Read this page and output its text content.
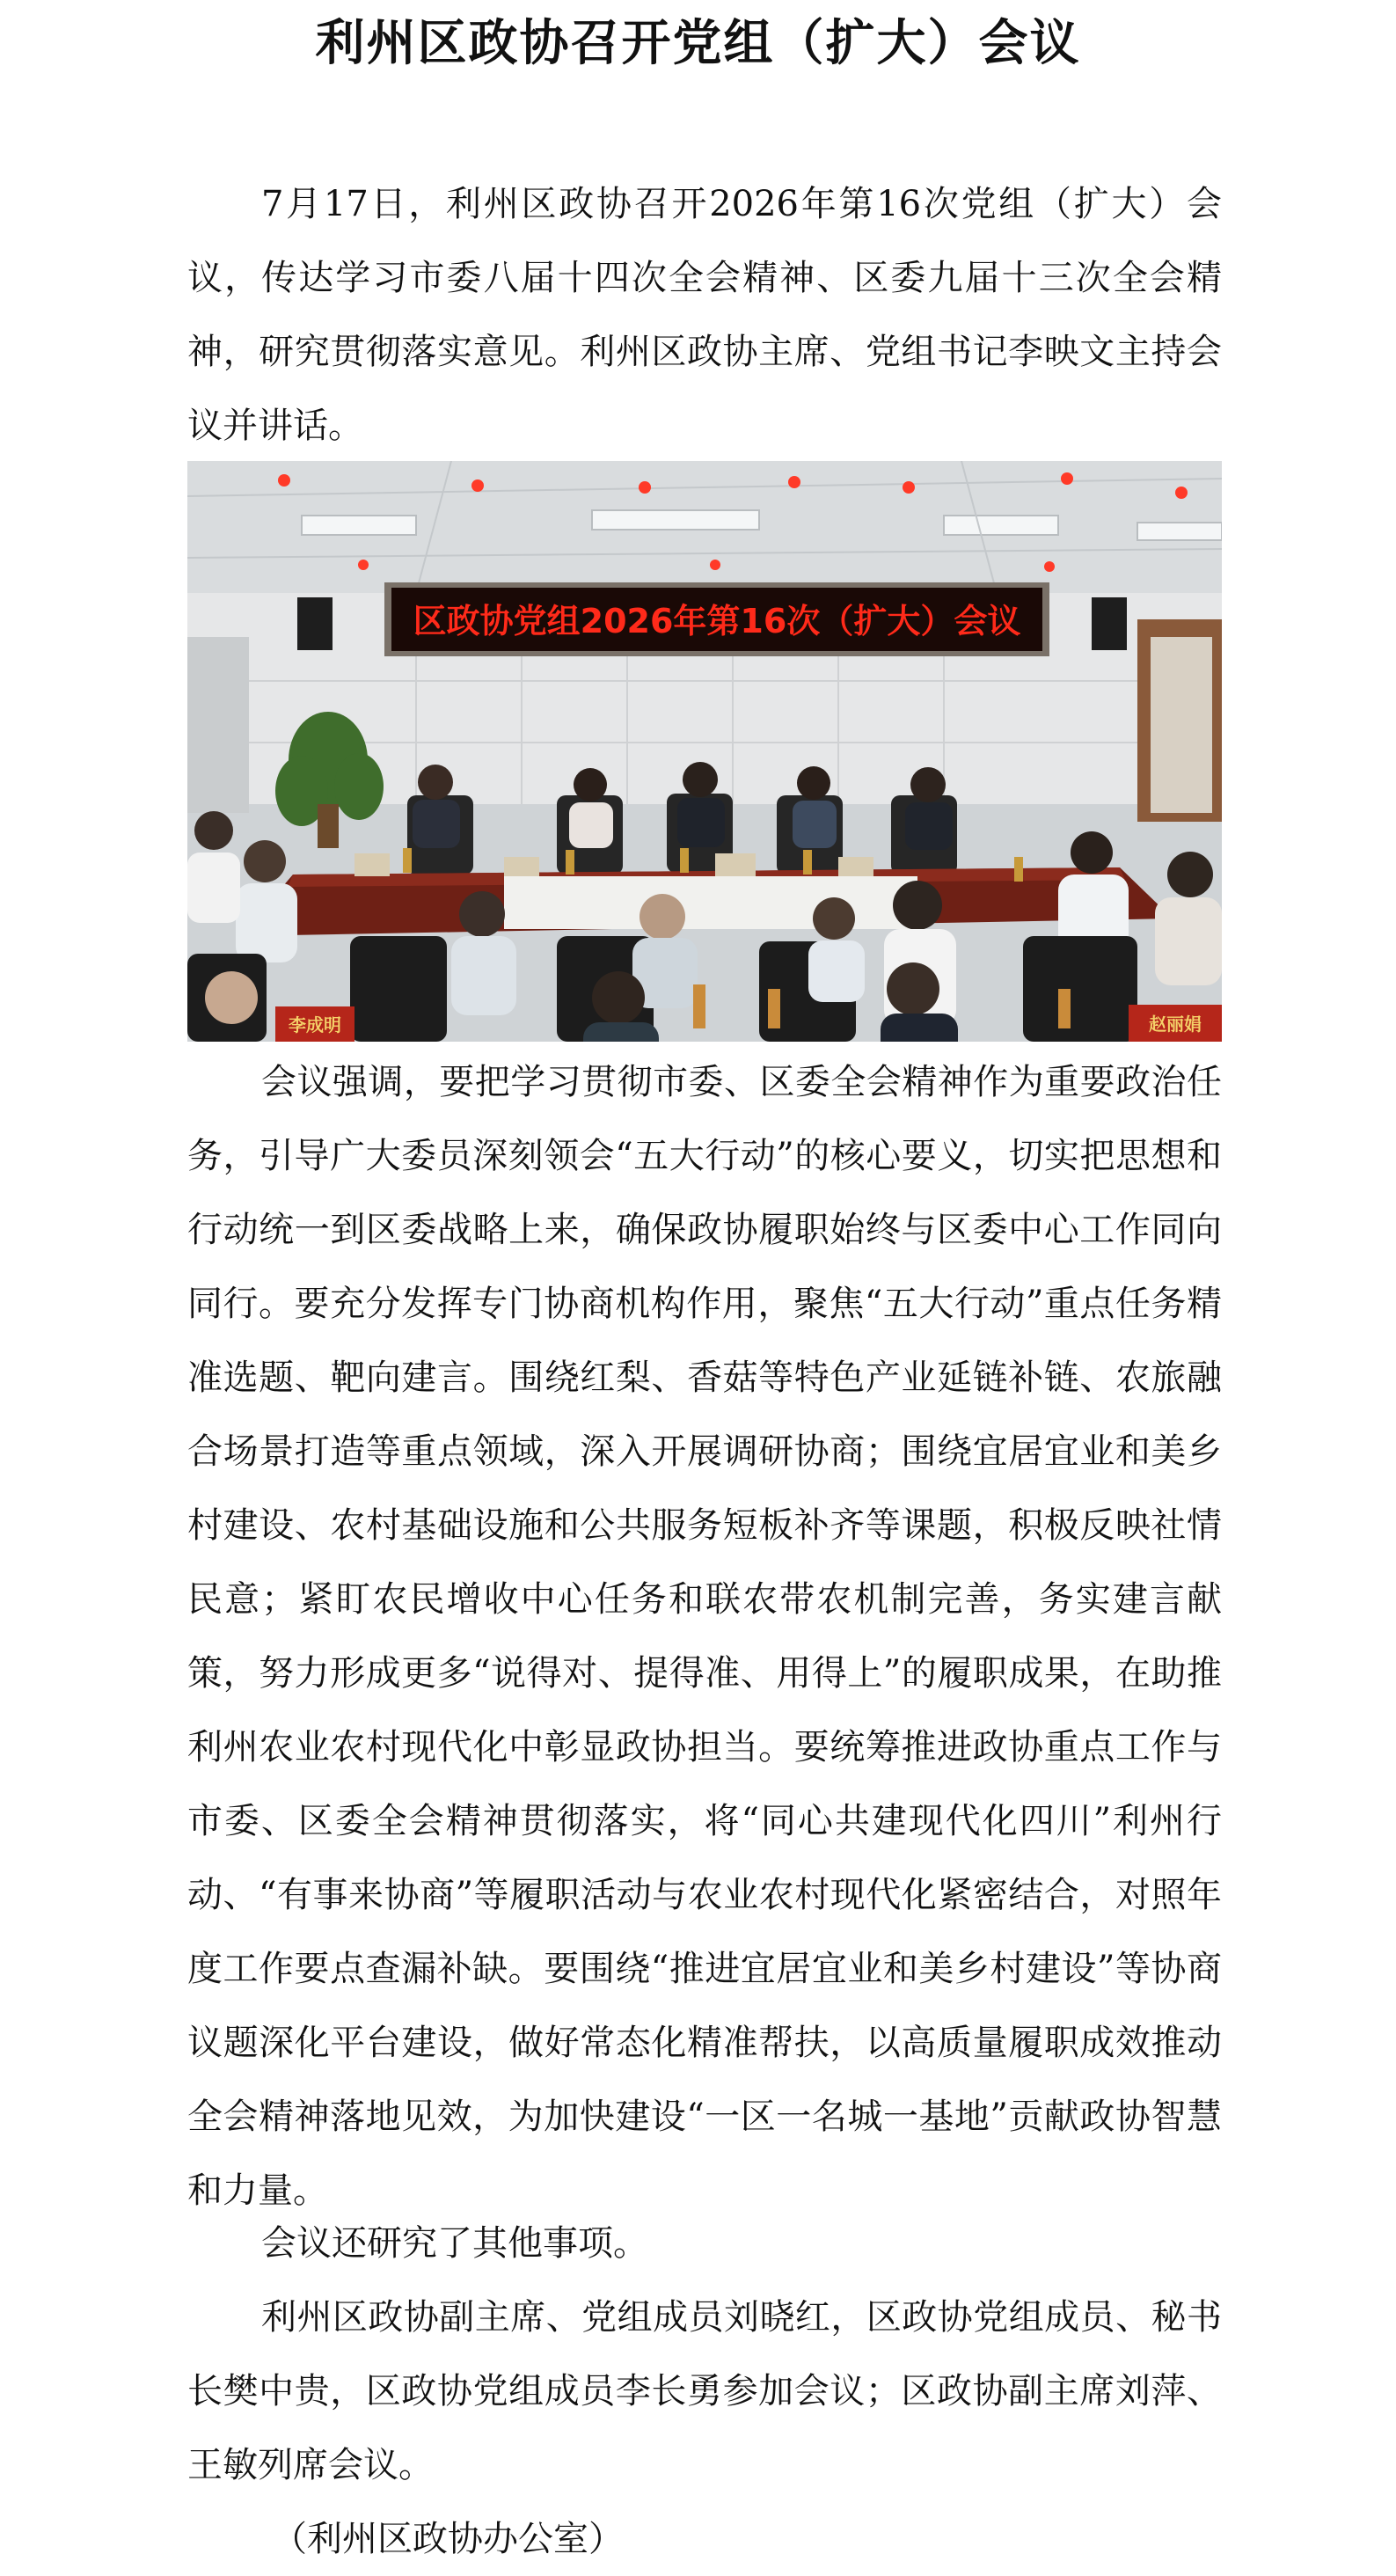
利州区政协召开党组（扩大）会议

7月17日，利州区政协召开2026年第16次党组（扩大）会议，传达学习市委八届十四次全会精神、区委九届十三次全会精神，研究贯彻落实意见。利州区政协主席、党组书记李映文主持会议并讲话。

区政协党组2026年第16次（扩大）会议
李成明	赵丽娟

会议强调，要把学习贯彻市委、区委全会精神作为重要政治任务，引导广大委员深刻领会“五大行动”的核心要义，切实把思想和行动统一到区委战略上来，确保政协履职始终与区委中心工作同向同行。要充分发挥专门协商机构作用，聚焦“五大行动”重点任务精准选题、靶向建言。围绕红梨、香菇等特色产业延链补链、农旅融合场景打造等重点领域，深入开展调研协商；围绕宜居宜业和美乡村建设、农村基础设施和公共服务短板补齐等课题，积极反映社情民意；紧盯农民增收中心任务和联农带农机制完善，务实建言献策，努力形成更多“说得对、提得准、用得上”的履职成果，在助推利州农业农村现代化中彰显政协担当。要统筹推进政协重点工作与市委、区委全会精神贯彻落实，将“同心共建现代化四川”利州行动、“有事来协商”等履职活动与农业农村现代化紧密结合，对照年度工作要点查漏补缺。要围绕“推进宜居宜业和美乡村建设”等协商议题深化平台建设，做好常态化精准帮扶，以高质量履职成效推动全会精神落地见效，为加快建设“一区一名城一基地”贡献政协智慧和力量。

会议还研究了其他事项。

利州区政协副主席、党组成员刘晓红，区政协党组成员、秘书长樊中贵，区政协党组成员李长勇参加会议；区政协副主席刘萍、王敏列席会议。

（利州区政协办公室）
